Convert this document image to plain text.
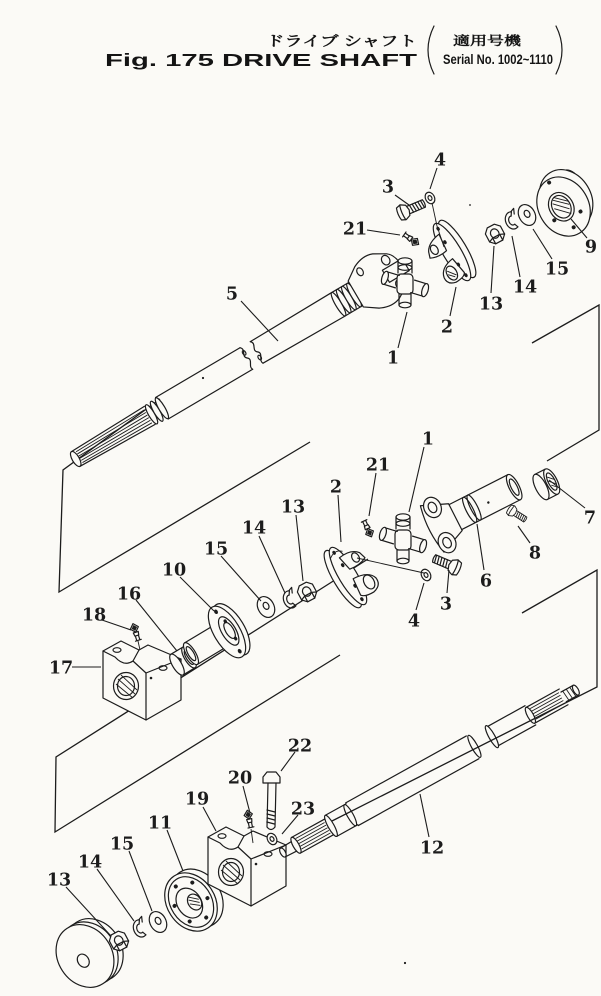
ドライブ シャフト
Fig. 175 DRIVE SHAFT
適用号機
Serial No. 1002~1110
3
4
21
9
15
14
13
2
1
5
1
21
2
13
14
15
10
16
18
17
6
3
4
8
7
22
20
23
19
11
15
14
13
12
